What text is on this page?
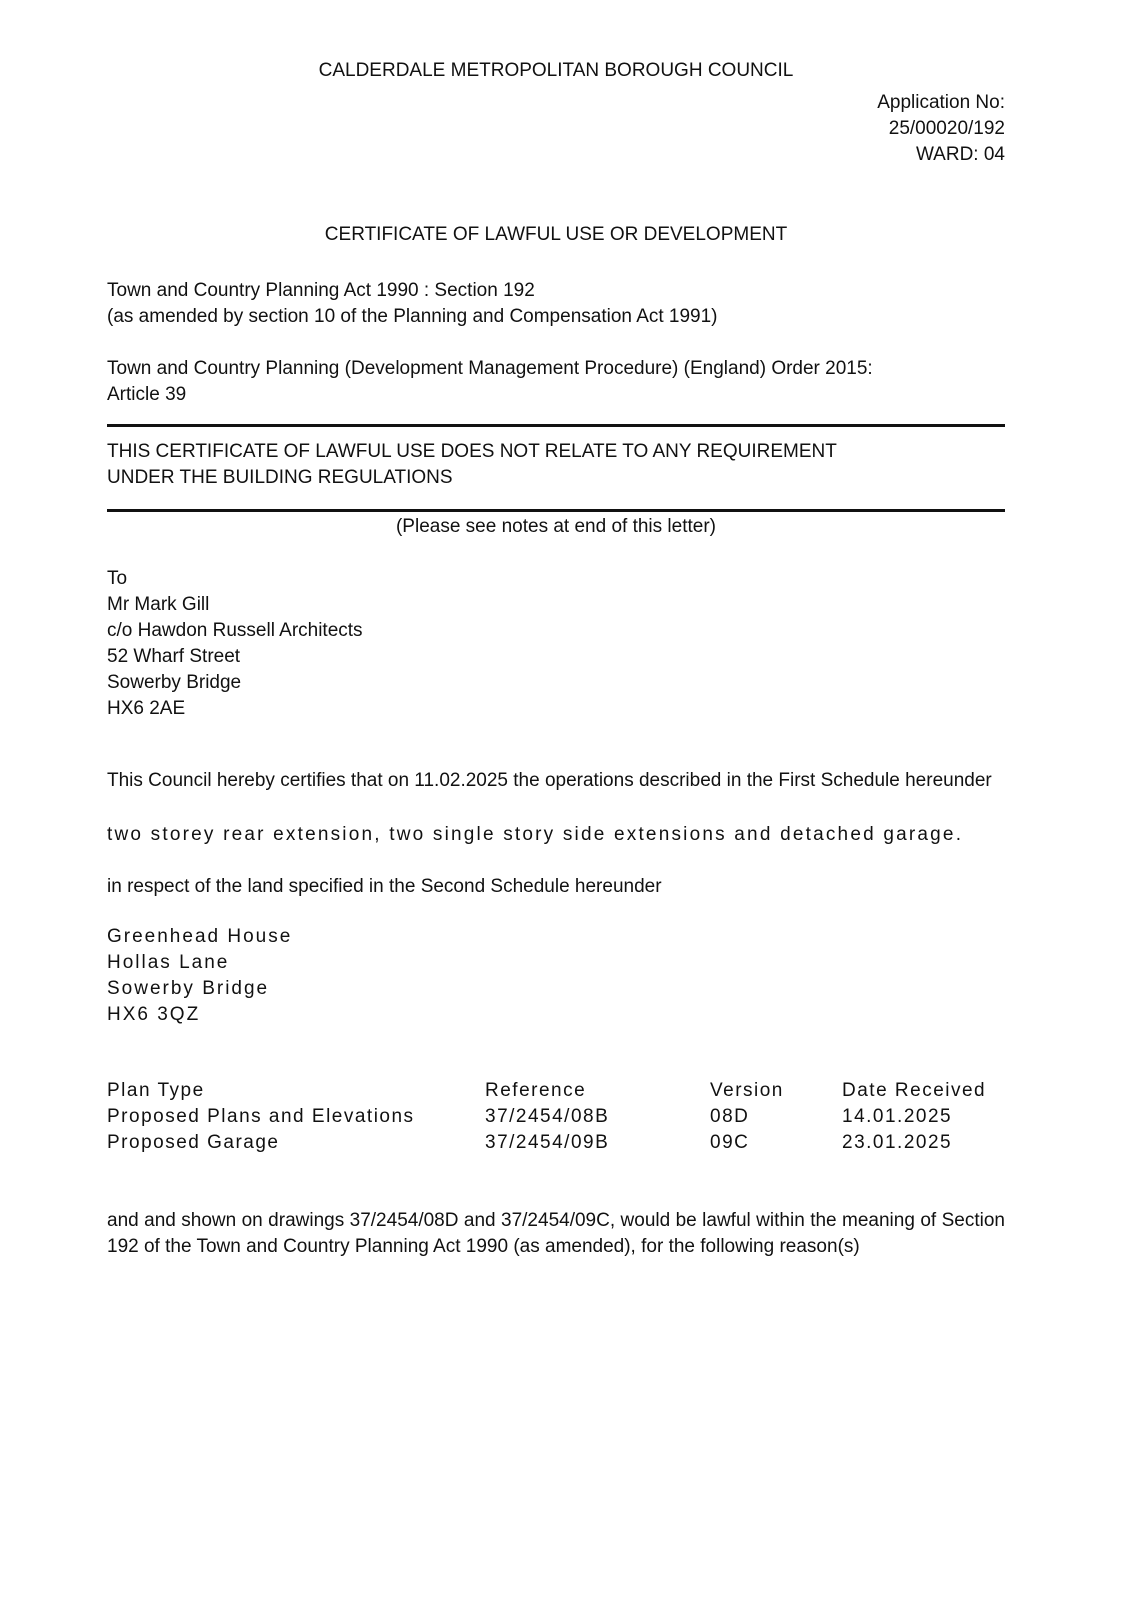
CALDERDALE METROPOLITAN BOROUGH COUNCIL
Application No:
25/00020/192
WARD: 04
CERTIFICATE OF LAWFUL USE OR DEVELOPMENT
Town and Country Planning Act 1990 : Section 192
(as amended by section 10 of the Planning and Compensation Act 1991)
Town and Country Planning (Development Management Procedure) (England) Order 2015:
Article 39
THIS CERTIFICATE OF LAWFUL USE DOES NOT RELATE TO ANY REQUIREMENT
UNDER THE BUILDING REGULATIONS
(Please see notes at end of this letter)
To
Mr Mark Gill
c/o Hawdon Russell Architects
52 Wharf Street
Sowerby Bridge
HX6 2AE
This Council hereby certifies that on 11.02.2025 the operations described in the First Schedule hereunder
two storey rear extension, two single story side extensions and detached garage.
in respect of the land specified in the Second Schedule hereunder
Greenhead House
Hollas Lane
Sowerby Bridge
HX6 3QZ
Plan Type	Reference	Version	Date Received
Proposed Plans and Elevations	37/2454/08B	08D	14.01.2025
Proposed Garage	37/2454/09B	09C	23.01.2025
and and shown on drawings 37/2454/08D and 37/2454/09C, would be lawful within the meaning of Section 192 of the Town and Country Planning Act 1990 (as amended), for the following reason(s)
